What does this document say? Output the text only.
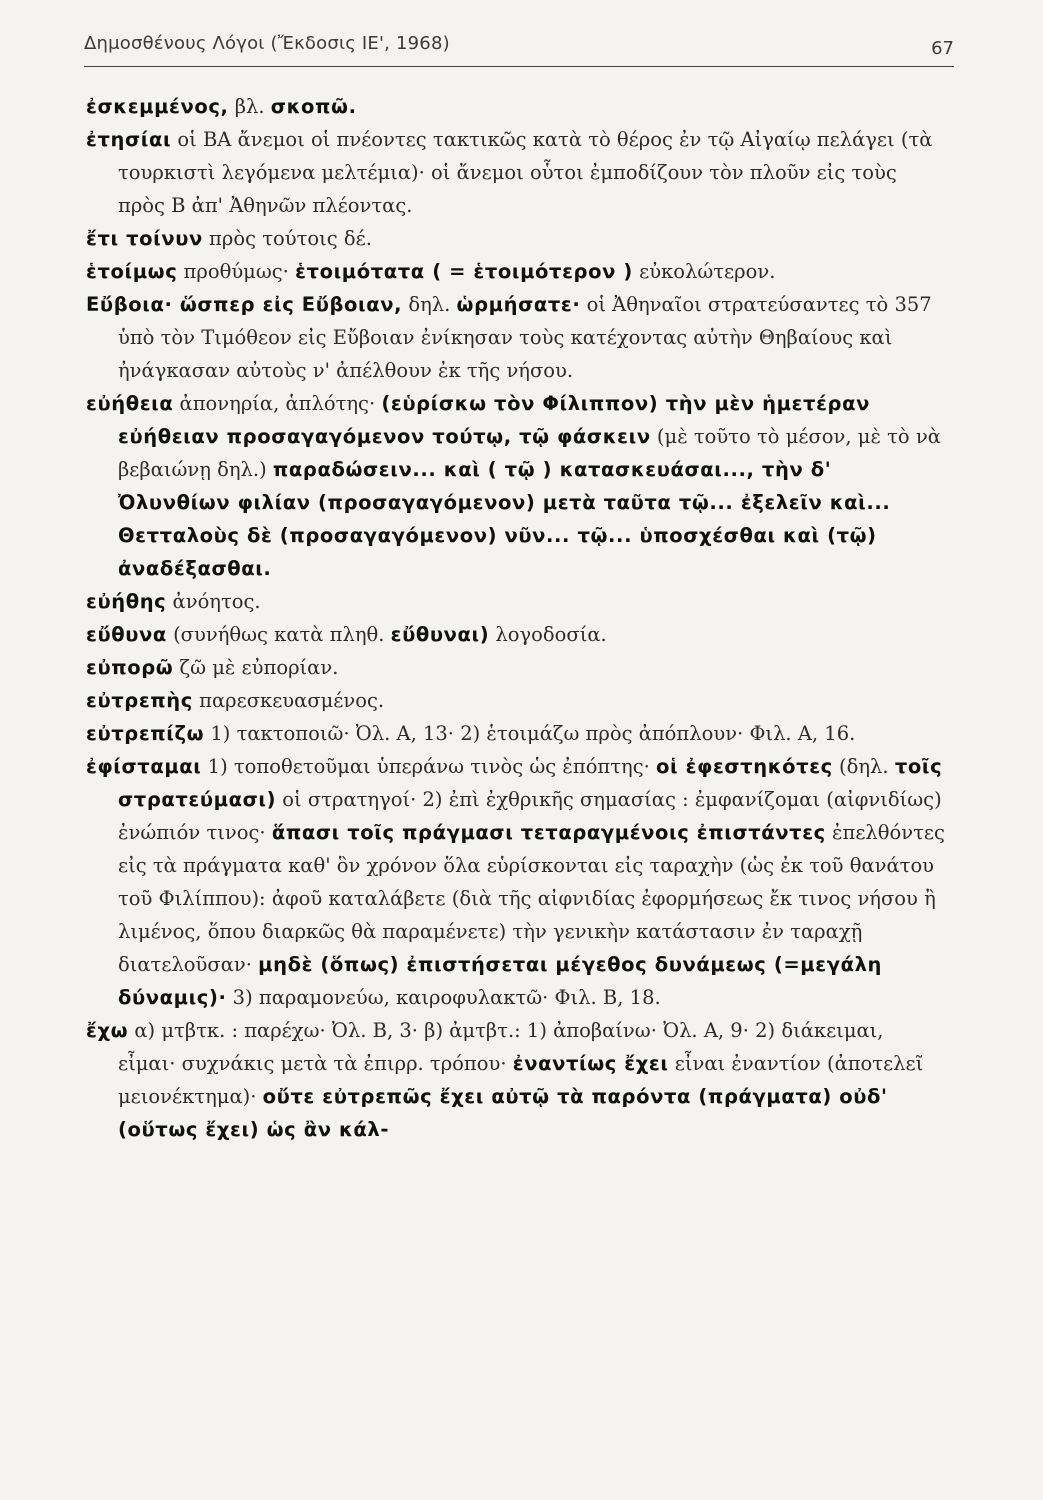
Δημοσθένους Λόγοι (Ἔκδοσις ΙΕ', 1968)	67

ἐσκεμμένος, βλ. σκοπῶ.

ἐτησίαι οἱ ΒΑ ἄνεμοι οἱ πνέοντες τακτικῶς κατὰ τὸ θέρος ἐν τῷ Αἰγαίῳ πελάγει (τὰ τουρκιστὶ λεγόμενα μελτέμια)· οἱ ἄνεμοι οὗτοι ἐμποδίζουν τὸν πλοῦν εἰς τοὺς πρὸς Β ἀπ' Ἀθηνῶν πλέοντας.

ἔτι τοίνυν πρὸς τούτοις δέ.

ἑτοίμως προθύμως· ἑτοιμότατα ( = ἑτοιμότερον ) εὐκολώτερον.

Εὔβοια· ὥσπερ εἰς Εὔβοιαν, δηλ. ὡρμήσατε· οἱ Ἀθηναῖοι στρατεύσαντες τὸ 357 ὑπὸ τὸν Τιμόθεον εἰς Εὔβοιαν ἐνίκησαν τοὺς κατέχοντας αὐτὴν Θηβαίους καὶ ἠνάγκασαν αὐτοὺς ν' ἀπέλθουν ἐκ τῆς νήσου.

εὐήθεια ἀπονηρία, ἁπλότης· (εὑρίσκω τὸν Φίλιππον) τὴν μὲν ἡμετέραν εὐήθειαν προσαγαγόμενον τούτῳ, τῷ φάσκειν (μὲ τοῦτο τὸ μέσον, μὲ τὸ νὰ βεβαιώνῃ δηλ.) παραδώσειν... καὶ ( τῷ ) κατασκευάσαι..., τὴν δ' Ὀλυνθίων φιλίαν (προσαγαγόμενον) μετὰ ταῦτα τῷ... ἐξελεῖν καὶ... Θετταλοὺς δὲ (προσαγαγόμενον) νῦν... τῷ... ὑποσχέσθαι καὶ (τῷ) ἀναδέξασθαι.

εὐήθης ἀνόητος.

εὔθυνα (συνήθως κατὰ πληθ. εὔθυναι) λογοδοσία.

εὐπορῶ ζῶ μὲ εὐπορίαν.

εὐτρεπὴς παρεσκευασμένος.

εὐτρεπίζω 1) τακτοποιῶ· Ὀλ. Α, 13· 2) ἑτοιμάζω πρὸς ἀπόπλουν· Φιλ. Α, 16.

ἐφίσταμαι 1) τοποθετοῦμαι ὑπεράνω τινὸς ὡς ἐπόπτης· οἱ ἐφεστηκότες (δηλ. τοῖς στρατεύμασι) οἱ στρατηγοί· 2) ἐπὶ ἐχθρικῆς σημασίας : ἐμφανίζομαι (αἰφνιδίως) ἐνώπιόν τινος· ἅπασι τοῖς πράγμασι τεταραγμένοις ἐπιστάντες ἐπελθόντες εἰς τὰ πράγματα καθ' ὃν χρόνον ὅλα εὑρίσκονται εἰς ταραχὴν (ὡς ἐκ τοῦ θανάτου τοῦ Φιλίππου): ἀφοῦ καταλάβετε (διὰ τῆς αἰφνιδίας ἐφορμήσεως ἔκ τινος νήσου ἢ λιμένος, ὅπου διαρκῶς θὰ παραμένετε) τὴν γενικὴν κατάστασιν ἐν ταραχῇ διατελοῦσαν· μηδὲ (ὅπως) ἐπιστήσεται μέγεθος δυνάμεως (=μεγάλη δύναμις)· 3) παραμονεύω, καιροφυλακτῶ· Φιλ. Β, 18.

ἔχω α) μτβτκ. : παρέχω· Ὀλ. Β, 3· β) ἀμτβτ.: 1) ἀποβαίνω· Ὀλ. Α, 9· 2) διάκειμαι, εἶμαι· συχνάκις μετὰ τὰ ἐπιρρ. τρόπου· ἐναντίως ἔχει εἶναι ἐναντίον (ἀποτελεῖ μειονέκτημα)· οὔτε εὐτρεπῶς ἔχει αὐτῷ τὰ παρόντα (πράγματα) οὐδ' (οὕτως ἔχει) ὡς ἂν κάλ-
